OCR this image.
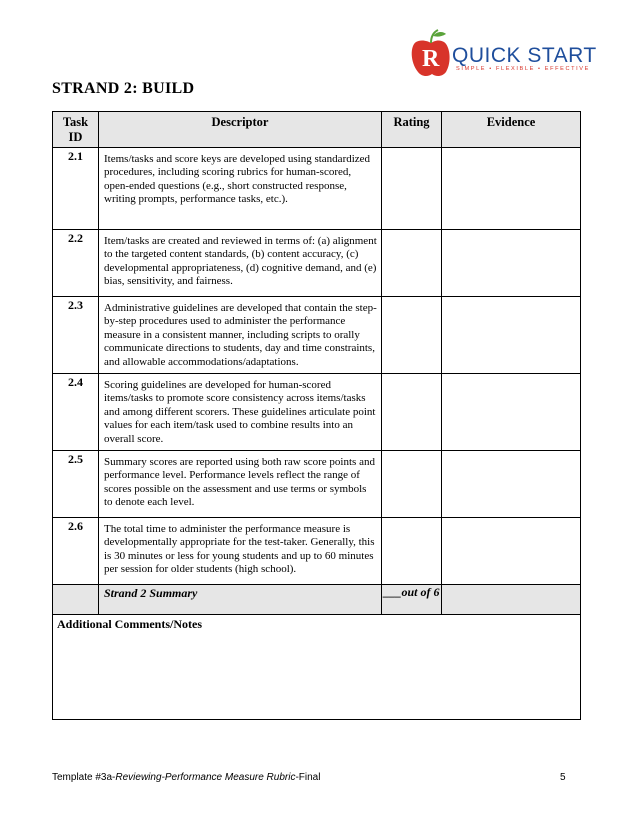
R QUICK START
SIMPLE • FLEXIBLE • EFFECTIVE
STRAND 2: BUILD
Task ID	Descriptor	Rating	Evidence
2.1	Items/tasks and score keys are developed using standardized procedures, including scoring rubrics for human-scored, open-ended questions (e.g., short constructed response, writing prompts, performance tasks, etc.).		
2.2	Item/tasks are created and reviewed in terms of: (a) alignment to the targeted content standards, (b) content accuracy, (c) developmental appropriateness, (d) cognitive demand, and (e) bias, sensitivity, and fairness.		
2.3	Administrative guidelines are developed that contain the step-by-step procedures used to administer the performance measure in a consistent manner, including scripts to orally communicate directions to students, day and time constraints, and allowable accommodations/adaptations.		
2.4	Scoring guidelines are developed for human-scored items/tasks to promote score consistency across items/tasks and among different scorers. These guidelines articulate point values for each item/task used to combine results into an overall score.		
2.5	Summary scores are reported using both raw score points and performance level. Performance levels reflect the range of scores possible on the assessment and use terms or symbols to denote each level.		
2.6	The total time to administer the performance measure is developmentally appropriate for the test-taker. Generally, this is 30 minutes or less for young students and up to 60 minutes per session for older students (high school).		
	Strand 2 Summary	___out of 6	
Additional Comments/Notes			
Template #3a-Reviewing-Performance Measure Rubric-Final	5
